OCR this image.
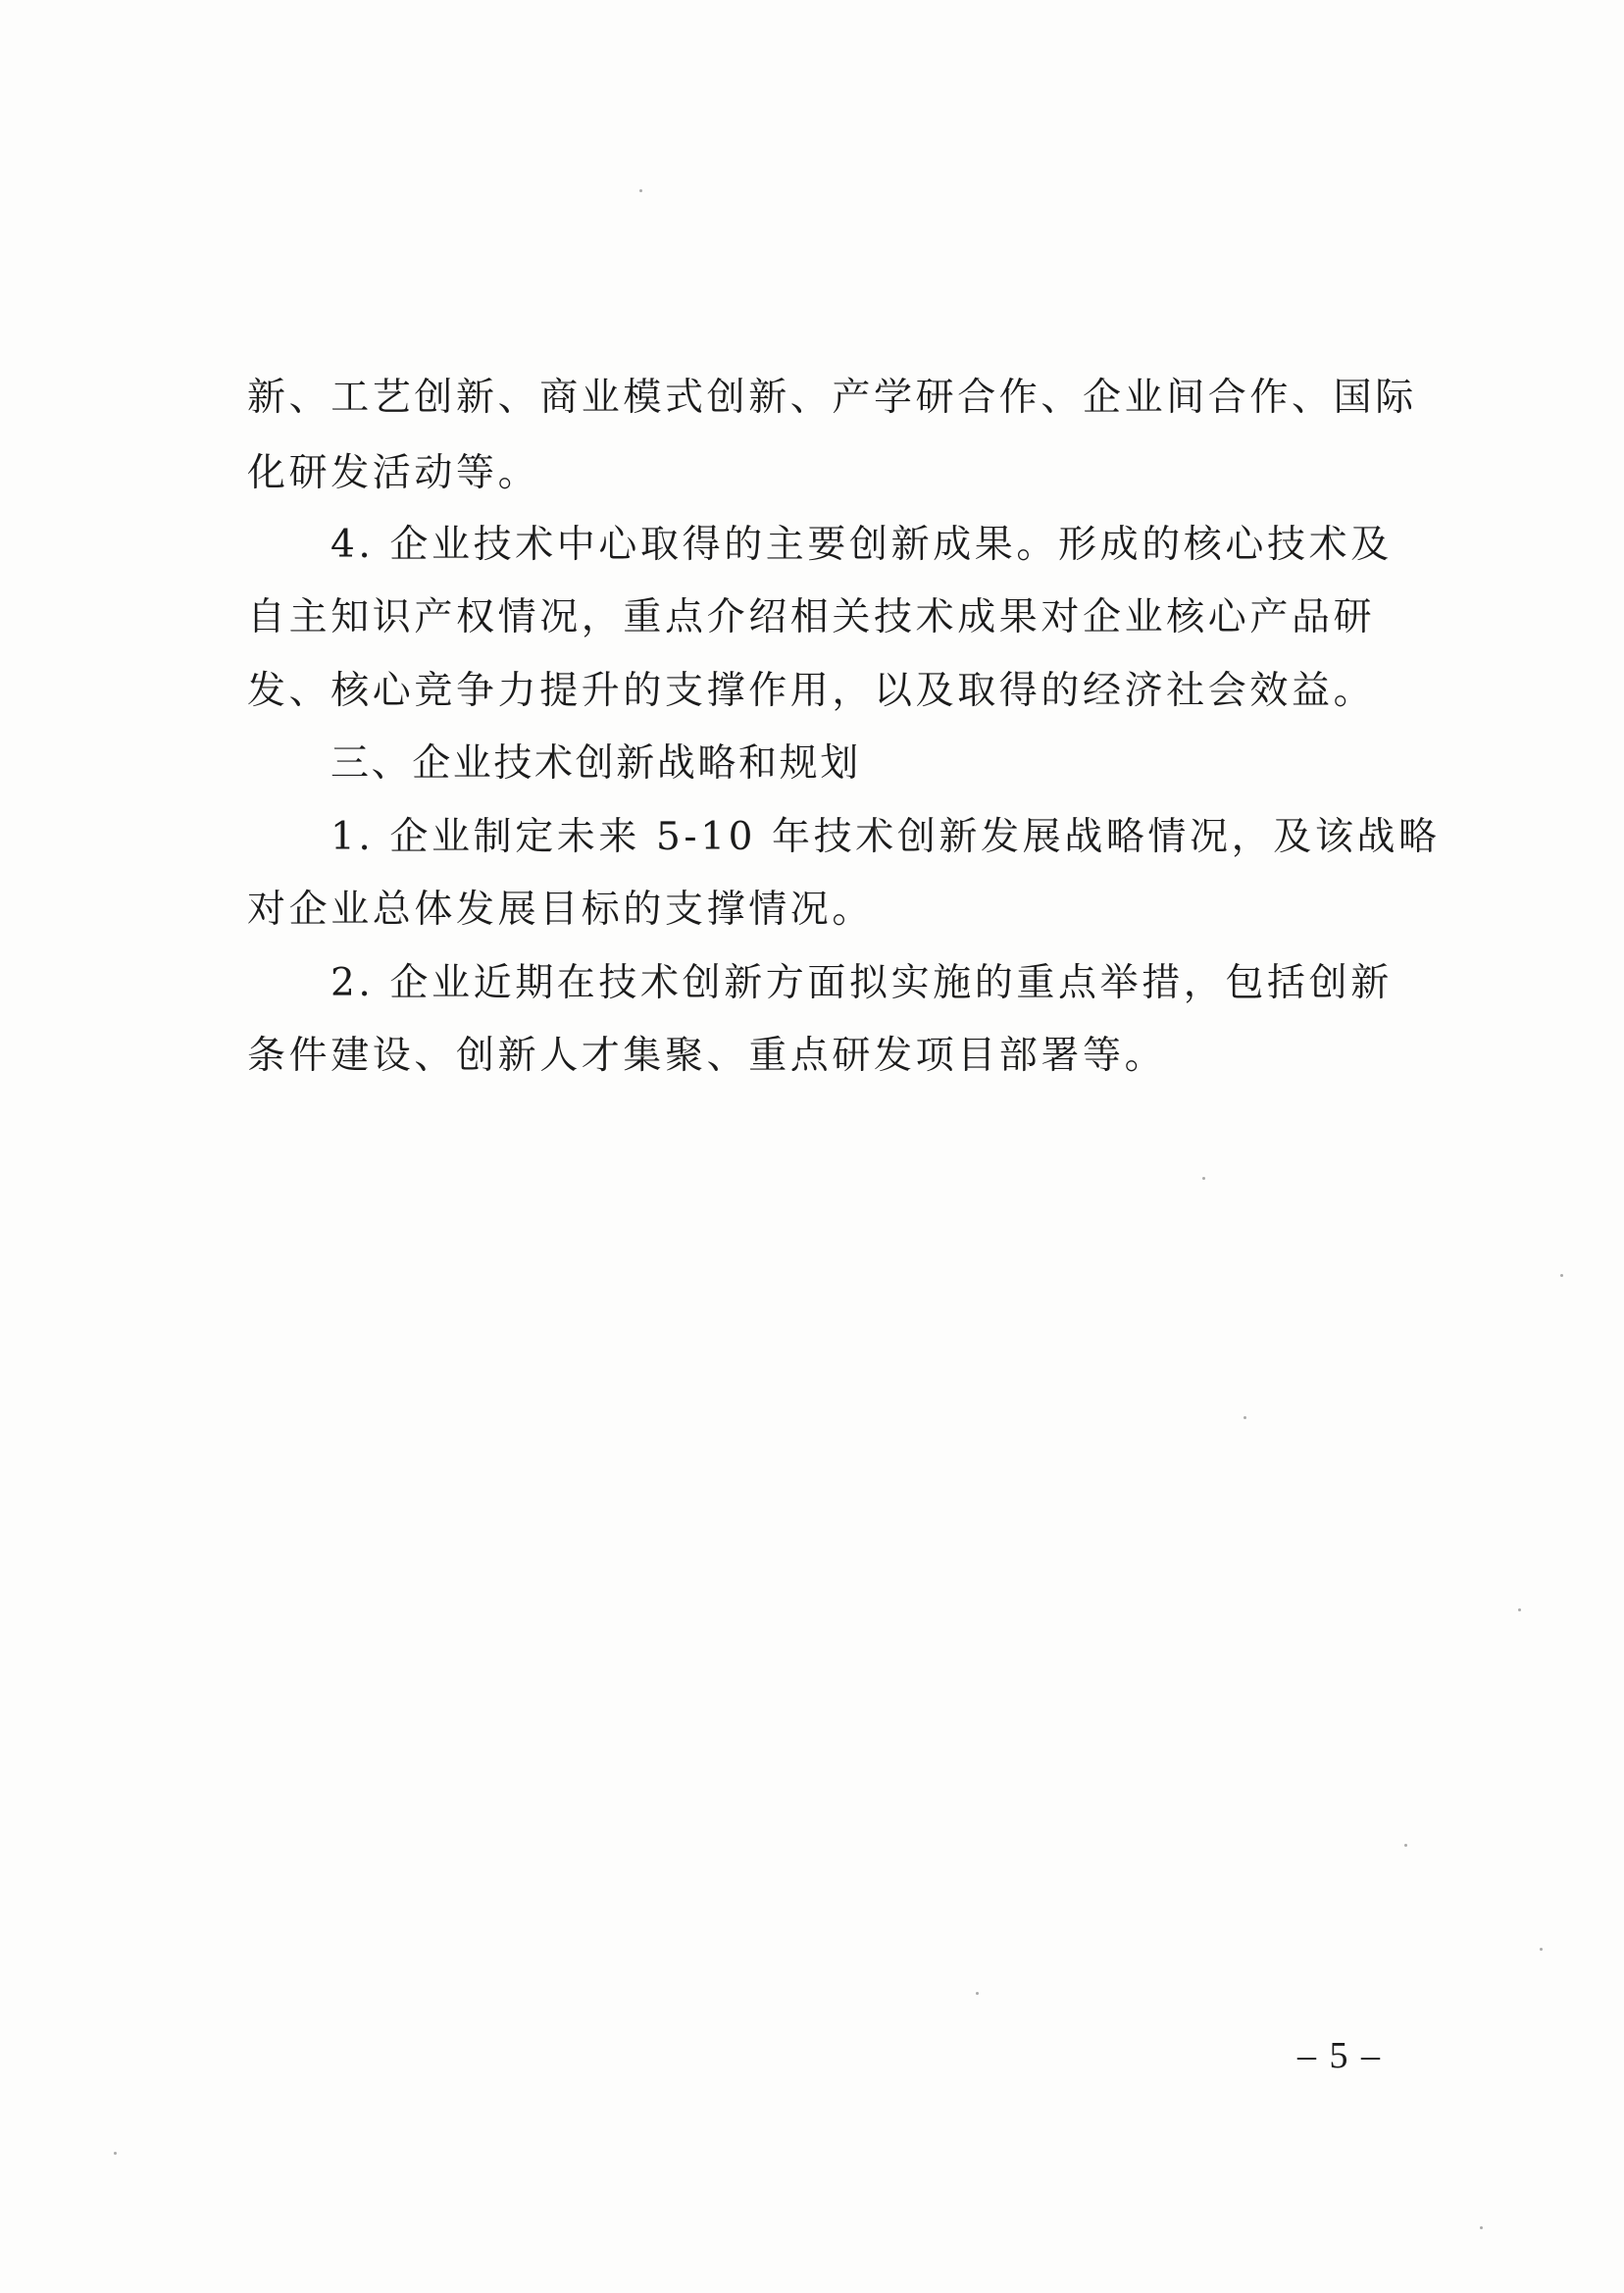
新、工艺创新、商业模式创新、产学研合作、企业间合作、国际
化研发活动等。
4. 企业技术中心取得的主要创新成果。形成的核心技术及
自主知识产权情况，重点介绍相关技术成果对企业核心产品研
发、核心竞争力提升的支撑作用，以及取得的经济社会效益。
三、企业技术创新战略和规划
1. 企业制定未来 5-10 年技术创新发展战略情况，及该战略
对企业总体发展目标的支撑情况。
2. 企业近期在技术创新方面拟实施的重点举措，包括创新
条件建设、创新人才集聚、重点研发项目部署等。
– 5 –
